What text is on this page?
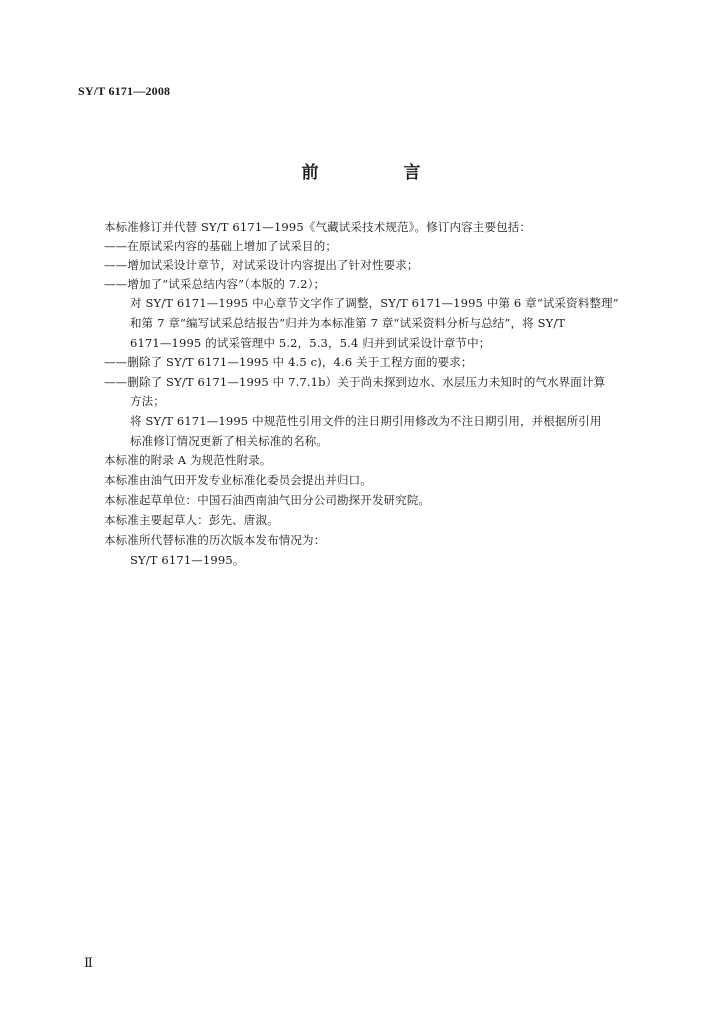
SY/T 6171—2008
前　言
本标准修订并代替 SY/T 6171—1995《气藏试采技术规范》。修订内容主要包括：
——在原试采内容的基础上增加了试采目的；
——增加试采设计章节，对试采设计内容提出了针对性要求；
——增加了“试采总结内容”（本版的 7.2）；
对 SY/T 6171—1995 中心章节文字作了调整，SY/T 6171—1995 中第 6 章“试采资料整理”
和第 7 章“编写试采总结报告”归并为本标准第 7 章“试采资料分析与总结”，将 SY/T
6171—1995 的试采管理中 5.2，5.3，5.4 归并到试采设计章节中；
——删除了 SY/T 6171—1995 中 4.5 c)，4.6 关于工程方面的要求；
——删除了 SY/T 6171—1995 中 7.7.1b）关于尚未探到边水、水层压力未知时的气水界面计算
方法；
将 SY/T 6171—1995 中规范性引用文件的注日期引用修改为不注日期引用，并根据所引用
标准修订情况更新了相关标准的名称。
本标准的附录 A 为规范性附录。
本标准由油气田开发专业标准化委员会提出并归口。
本标准起草单位：中国石油西南油气田分公司勘探开发研究院。
本标准主要起草人：彭先、唐淑。
本标准所代替标准的历次版本发布情况为：
SY/T 6171—1995。
Ⅱ
